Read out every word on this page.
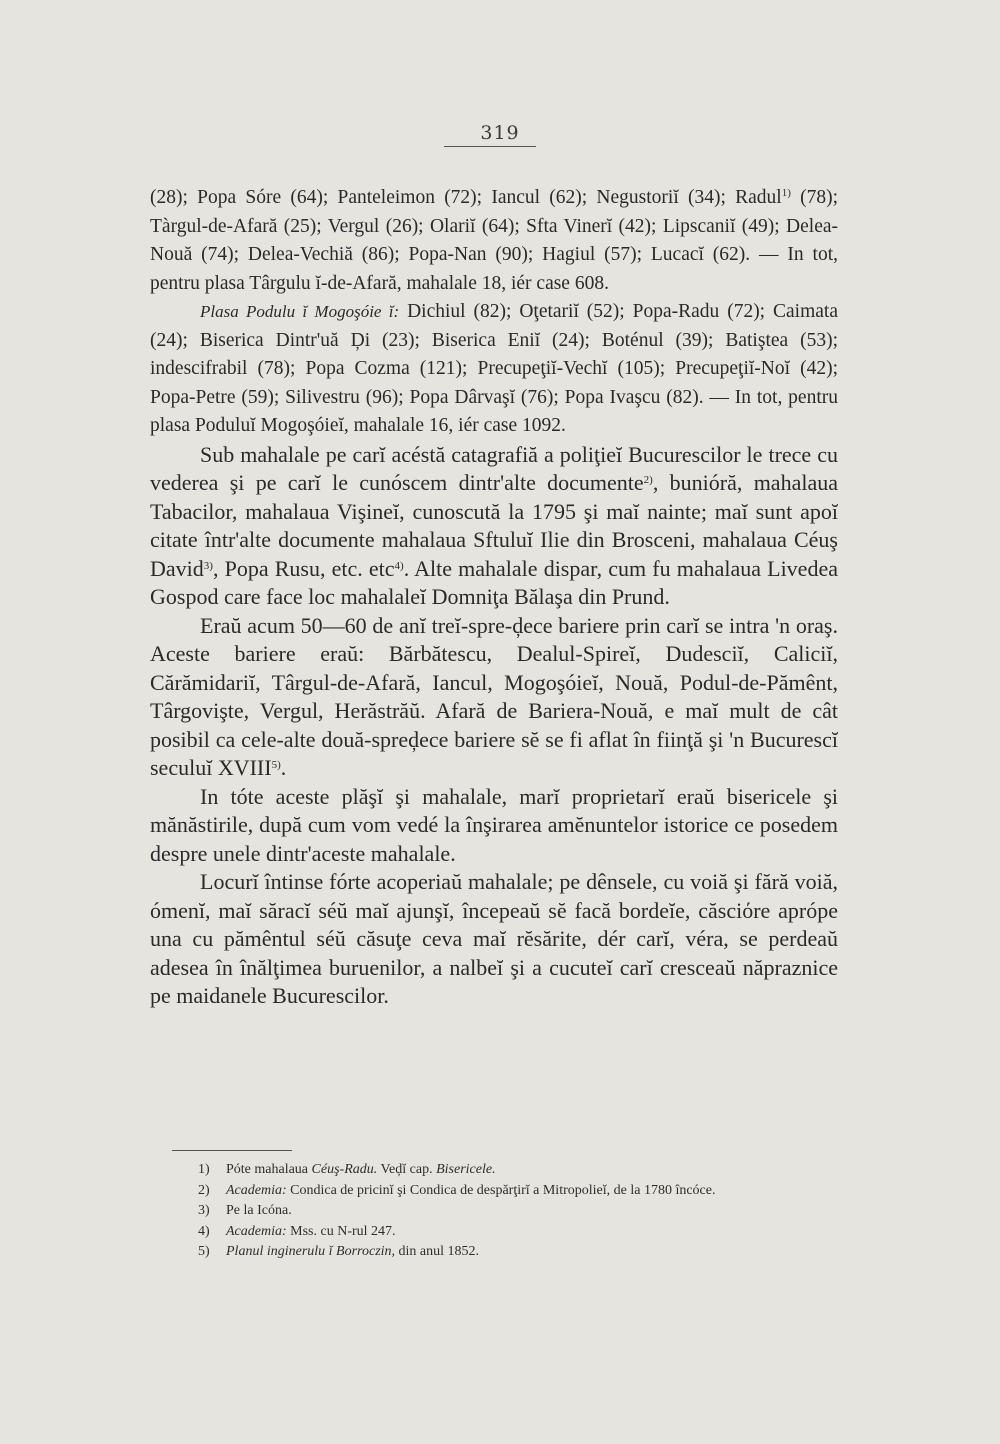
319

(28); Popa Sóre (64); Panteleimon (72); Iancul (62); Negustoriĭ (34); Radul$^{1)}$ (78); Tàrgul-de-Afară (25); Vergul (26); Olariĭ (64); Sfta Vinerĭ (42); Lipscaniĭ (49); Delea-Nouă (74); Delea-Vechiă (86); Popa-Nan (90); Hagiul (57); Lucacĭ (62). — In tot, pentru plasa Târgulu ĭ-de-Afară, mahalale 18, iér case 608.

Plasa Podulu ĭ Mogoşóie ĭ: Dichiul (82); Oţetariĭ (52); Popa-Radu (72); Caimata (24); Biserica Dintr'uă Ḑi (23); Biserica Eniĭ (24); Boténul (39); Batiştea (53); indescifrabil (78); Popa Cozma (121); Precupeţiĭ-Vechĭ (105); Precupeţiĭ-Noĭ (42); Popa-Petre (59); Silivestru (96); Popa Dârvaşĭ (76); Popa Ivaşcu (82). — In tot, pentru plasa Poduluĭ Mogoşóieĭ, mahalale 16, iér case 1092.

Sub mahalale pe carĭ acéstă catagrafiă a poliţieĭ Bucurescilor le trece cu vederea şi pe carĭ le cunóscem dintr'alte documente$^{2)}$, bunióră, mahalaua Tabacilor, mahalaua Vişineĭ, cunoscută la 1795 şi maĭ nainte; maĭ sunt apoĭ citate într'alte documente mahalaua Sftuluĭ Ilie din Brosceni, mahalaua Céuş David$^{3)}$, Popa Rusu, etc. etc$^{4)}$. Alte mahalale dispar, cum fu mahalaua Livedea Gospod care face loc mahalaleĭ Domniţa Bălaşa din Prund.

Eraŭ acum 50—60 de anĭ treĭ-spre-ḑece bariere prin carĭ se intra 'n oraş. Aceste bariere eraŭ: Bărbătescu, Dealul-Spireĭ, Dudesciĭ, Caliciĭ, Cărămidariĭ, Târgul-de-Afară, Iancul, Mogoşóieĭ, Nouă, Podul-de-Pămênt, Târgovişte, Vergul, Herăstrăŭ. Afară de Bariera-Nouă, e maĭ mult de cât posibil ca cele-alte două-spreḑece bariere sĕ se fi aflat în fiinţă şi 'n Bucurescĭ seculuĭ XVIII$^{5)}$.

In tóte aceste plăşĭ şi mahalale, marĭ proprietarĭ eraŭ bisericele şi mănăstirile, după cum vom vedé la înşirarea amĕnuntelor istorice ce posedem despre unele dintr'aceste mahalale.

Locurĭ întinse fórte acoperiaŭ mahalale; pe dênsele, cu voiă şi fără voiă, ómenĭ, maĭ săracĭ séŭ maĭ ajunşĭ, începeaŭ sĕ facă bordeĭe, căsciόre aprópe una cu pămêntul séŭ căsuţe ceva maĭ rĕsărite, dér carĭ, véra, se perdeaŭ adesea în înălţimea buruenilor, a nalbeĭ şi a cucuteĭ carĭ cresceaŭ năpraznice pe maidanele Bucurescilor.

1) Póte mahalaua Céuş-Radu. Veḑĭ cap. Bisericele.
2) Academia: Condica de pricinĭ şi Condica de despărţirĭ a Mitropolieĭ, de la 1780 încóce.
3) Pe la Icóna.
4) Academia: Mss. cu N-rul 247.
5) Planul inginerulu ĭ Borroczin, din anul 1852.
